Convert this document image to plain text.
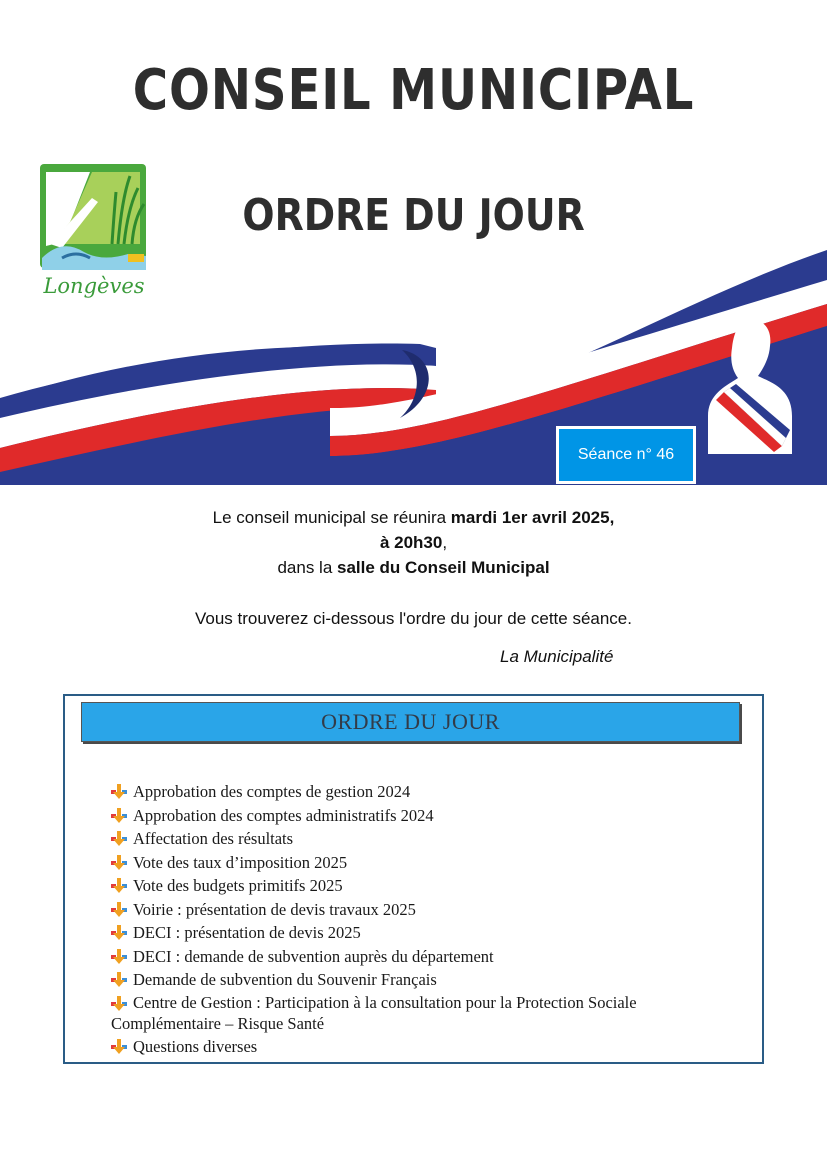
CONSEIL MUNICIPAL
ORDRE DU JOUR
Longèves
Séance n° 46
Le conseil municipal se réunira mardi 1er avril 2025,
à 20h30,
dans la salle du Conseil Municipal
Vous trouverez ci-dessous l'ordre du jour de cette séance.
La Municipalité
ORDRE DU JOUR
Approbation des comptes de gestion 2024
Approbation des comptes administratifs 2024
Affectation des résultats
Vote des taux d’imposition 2025
Vote des budgets primitifs 2025
Voirie : présentation de devis travaux 2025
DECI : présentation de devis 2025
DECI : demande de subvention auprès du département
Demande de subvention du Souvenir Français
Centre de Gestion : Participation à la consultation pour la Protection Sociale
Complémentaire – Risque Santé
Questions diverses
